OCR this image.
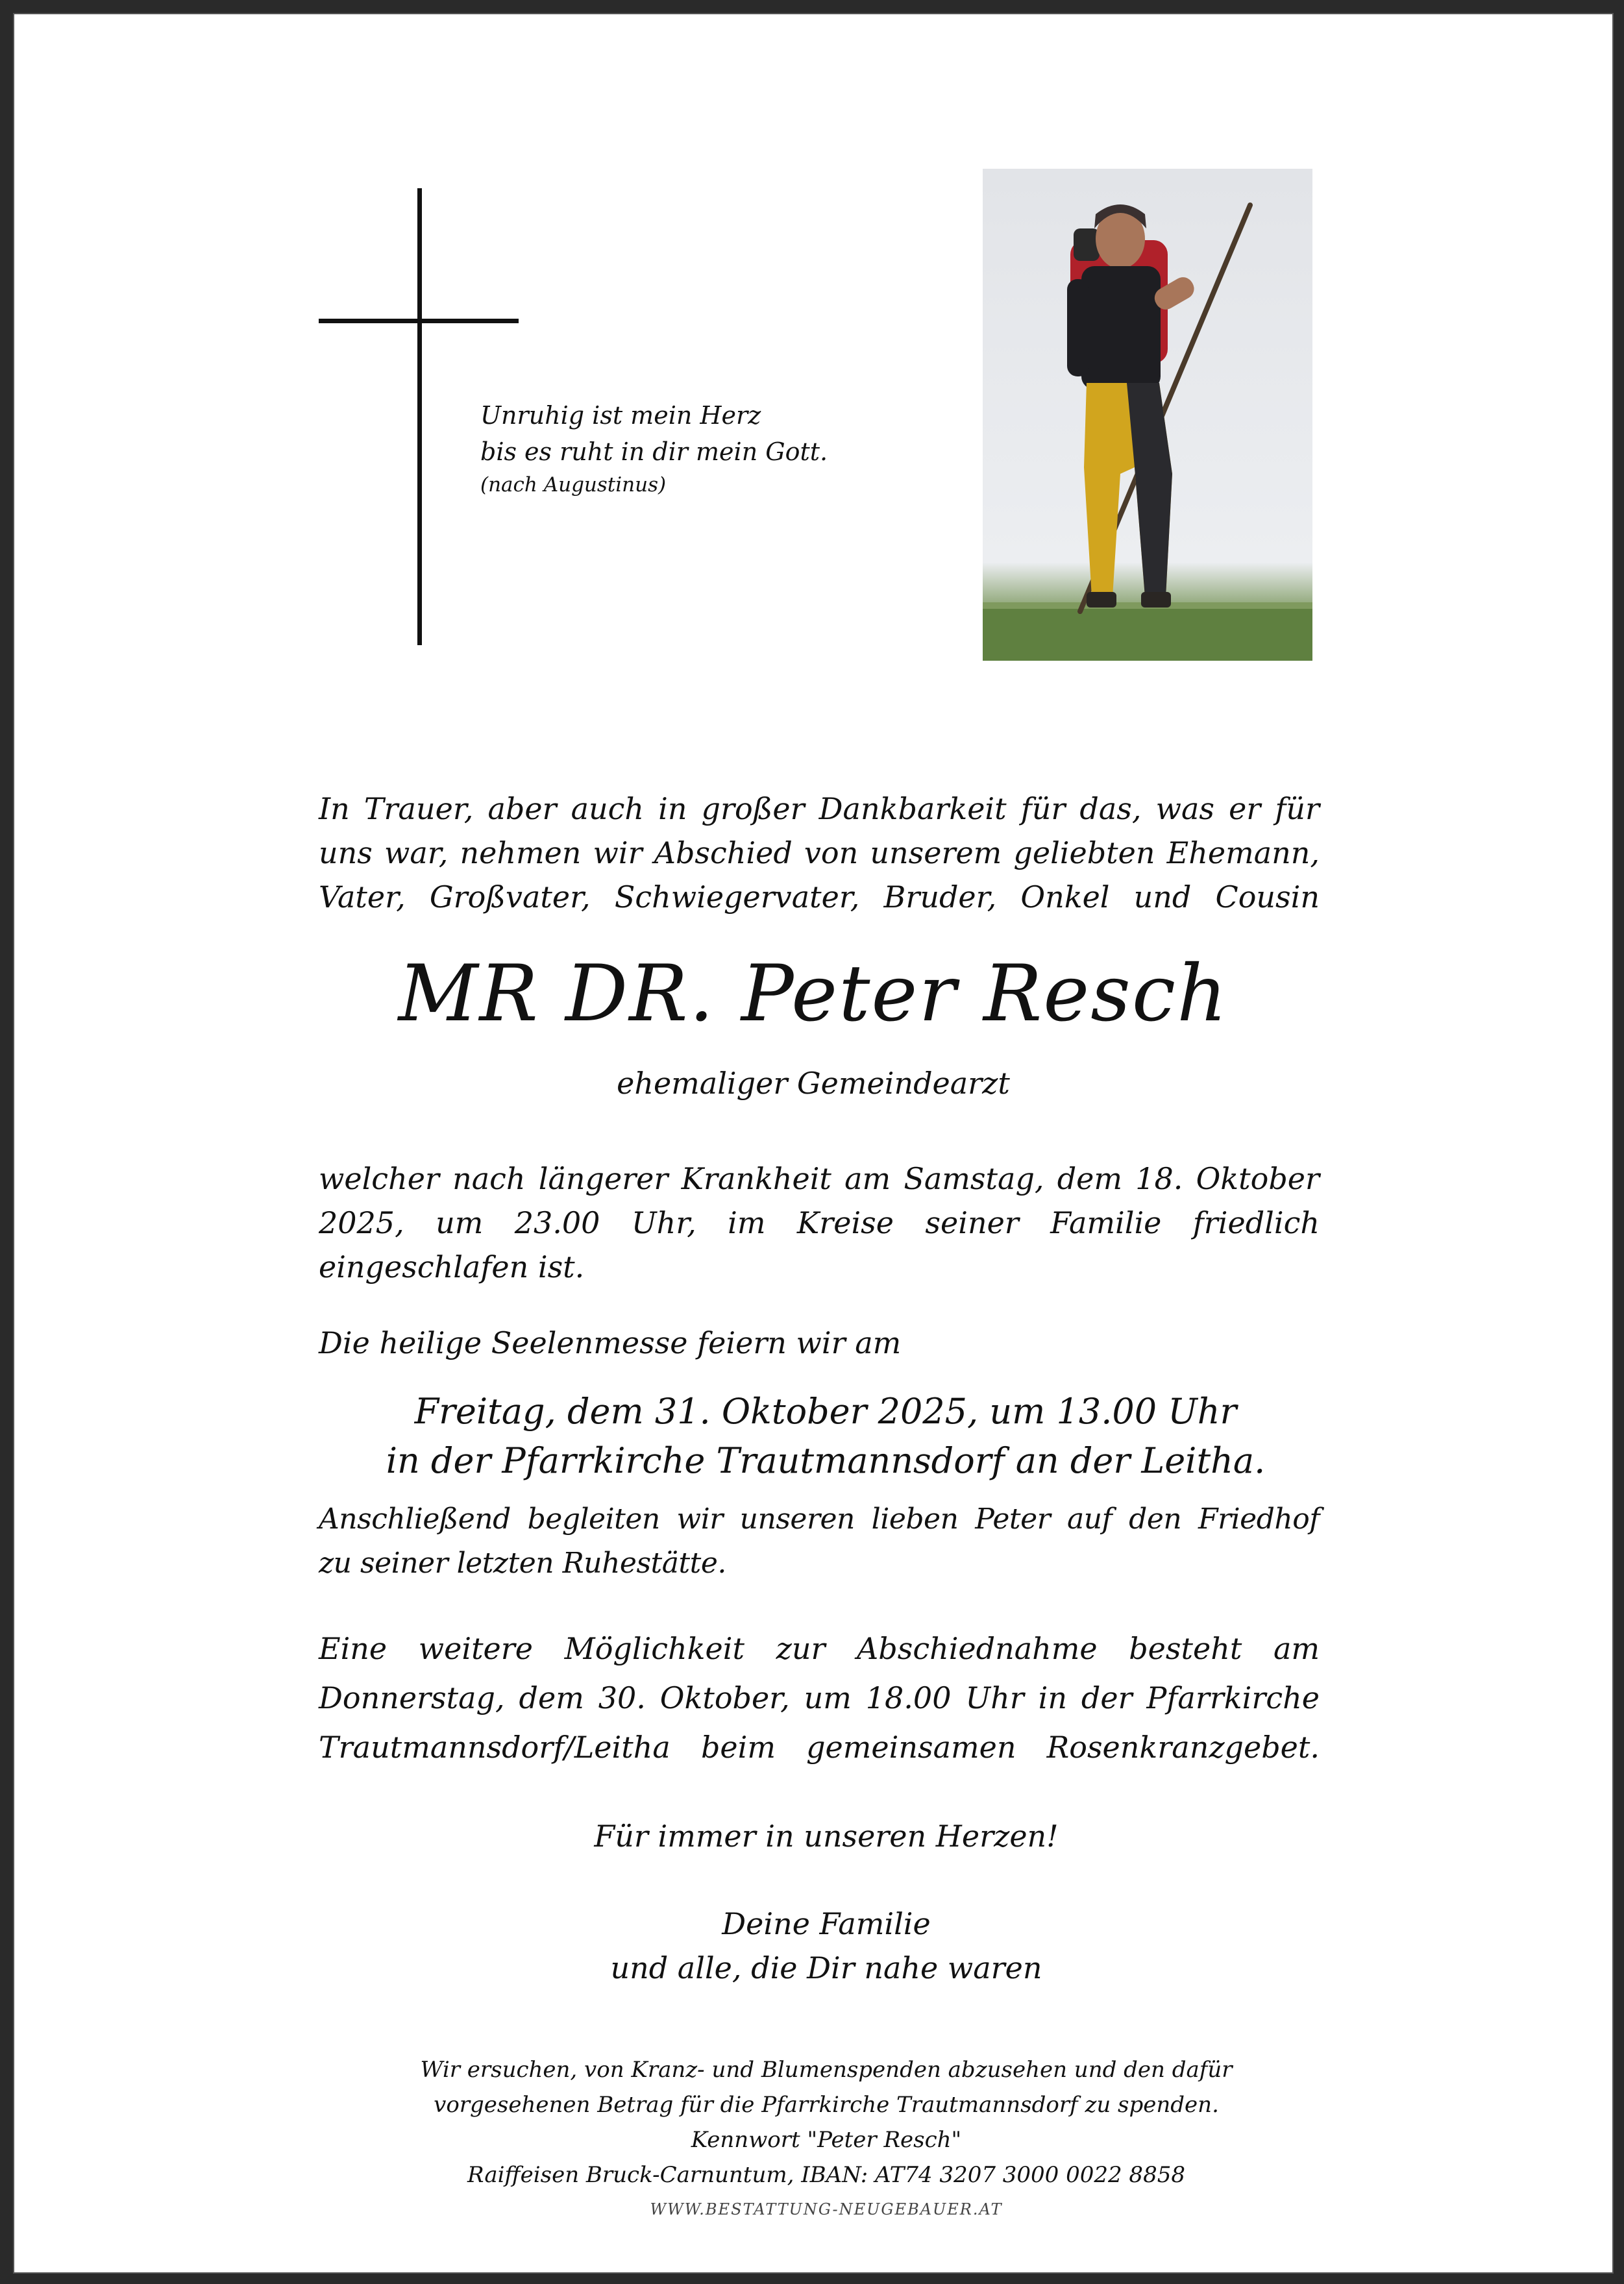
Unruhig ist mein Herz
bis es ruht in dir mein Gott.
(nach Augustinus)
In Trauer, aber auch in großer Dankbarkeit für das, was er für
uns war, nehmen wir Abschied von unserem geliebten Ehemann,
Vater, Großvater, Schwiegervater, Bruder, Onkel und Cousin
MR DR. Peter Resch
ehemaliger Gemeindearzt
welcher nach längerer Krankheit am Samstag, dem 18. Oktober
2025, um 23.00 Uhr, im Kreise seiner Familie friedlich
eingeschlafen ist.
Die heilige Seelenmesse feiern wir am
Freitag, dem 31. Oktober 2025, um 13.00 Uhr
in der Pfarrkirche Trautmannsdorf an der Leitha.
Anschließend begleiten wir unseren lieben Peter auf den Friedhof
zu seiner letzten Ruhestätte.
Eine weitere Möglichkeit zur Abschiednahme besteht am
Donnerstag, dem 30. Oktober, um 18.00 Uhr in der Pfarrkirche
Trautmannsdorf/Leitha beim gemeinsamen Rosenkranzgebet.
Für immer in unseren Herzen!
Deine Familie
und alle, die Dir nahe waren
Wir ersuchen, von Kranz- und Blumenspenden abzusehen und den dafür
vorgesehenen Betrag für die Pfarrkirche Trautmannsdorf zu spenden.
Kennwort "Peter Resch"
Raiffeisen Bruck-Carnuntum, IBAN: AT74 3207 3000 0022 8858
WWW.BESTATTUNG-NEUGEBAUER.AT
